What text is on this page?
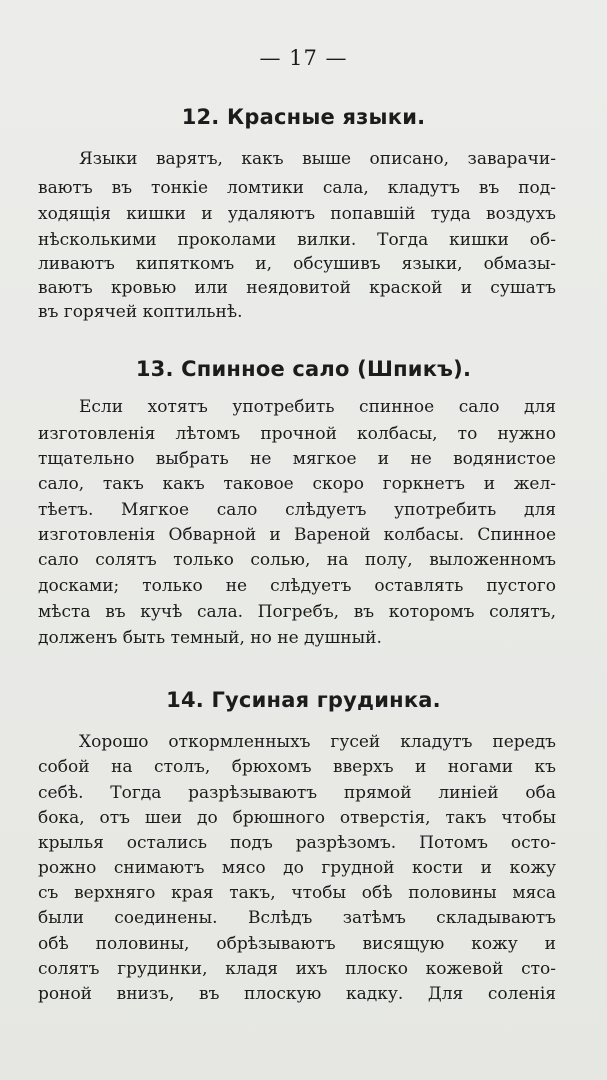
— 17 —
12. Красные языки.
Языки варятъ, какъ выше описано, заварачи-
ваютъ въ тонкіе ломтики сала, кладутъ въ под-
ходящія кишки и удаляютъ попавшій туда воздухъ
нѣсколькими проколами вилки. Тогда кишки об-
ливаютъ кипяткомъ и, обсушивъ языки, обмазы-
ваютъ кровью или неядовитой краской и сушатъ
въ горячей коптильнѣ.
13. Спинное сало (Шпикъ).
Если хотятъ употребить спинное сало для
изготовленія лѣтомъ прочной колбасы, то нужно
тщательно выбрать не мягкое и не водянистое
сало, такъ какъ таковое скоро горкнетъ и жел-
тѣетъ. Мягкое сало слѣдуетъ употребить для
изготовленія Обварной и Вареной колбасы. Спинное
сало солятъ только солью, на полу, выложенномъ
досками; только не слѣдуетъ оставлять пустого
мѣста въ кучѣ сала. Погребъ, въ которомъ солятъ,
долженъ быть темный, но не душный.
14. Гусиная грудинка.
Хорошо откормленныхъ гусей кладутъ передъ
собой на столъ, брюхомъ вверхъ и ногами къ
себѣ. Тогда разрѣзываютъ прямой линіей оба
бока, отъ шеи до брюшного отверстія, такъ чтобы
крылья остались подъ разрѣзомъ. Потомъ осто-
рожно снимаютъ мясо до грудной кости и кожу
съ верхняго края такъ, чтобы обѣ половины мяса
были соединены. Вслѣдъ затѣмъ складываютъ
обѣ половины, обрѣзываютъ висящую кожу и
солятъ грудинки, кладя ихъ плоско кожевой сто-
роной внизъ, въ плоскую кадку. Для соленія
